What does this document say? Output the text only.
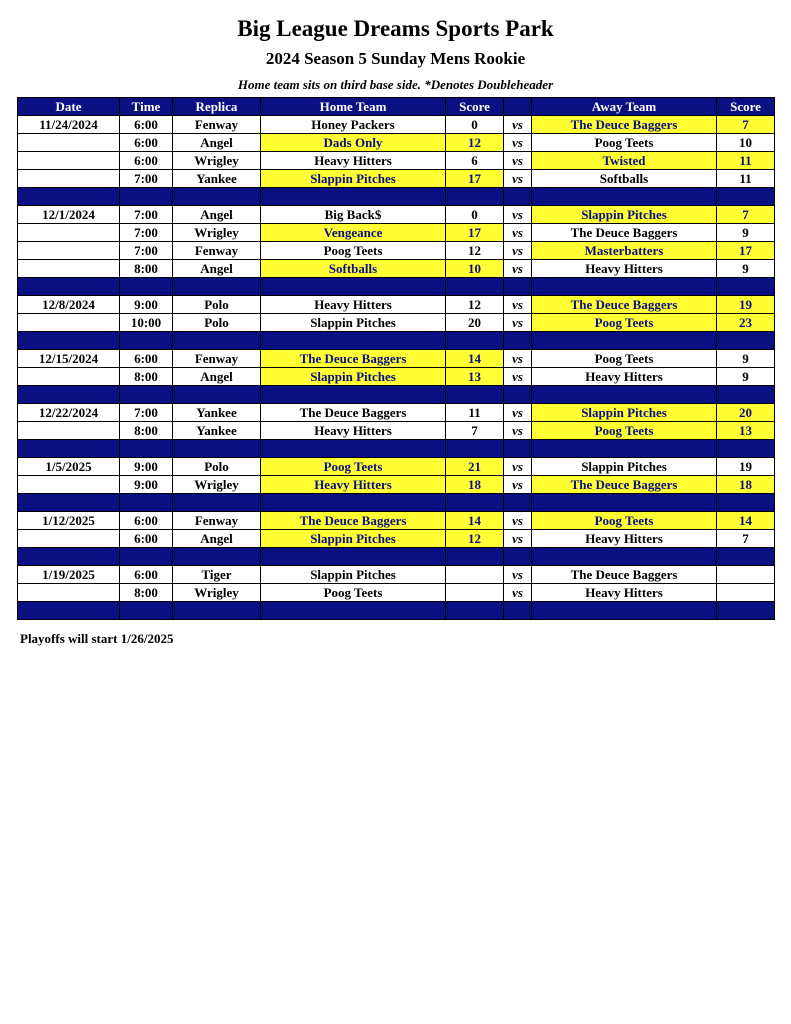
Big League Dreams Sports Park
2024 Season 5 Sunday Mens Rookie
Home team sits on third base side. *Denotes Doubleheader
Date	Time	Replica	Home Team	Score		Away Team	Score
11/24/2024	6:00	Fenway	Honey Packers	0	vs	The Deuce Baggers	7
	6:00	Angel	Dads Only	12	vs	Poog Teets	10
	6:00	Wrigley	Heavy Hitters	6	vs	Twisted	11
	7:00	Yankee	Slappin Pitches	17	vs	Softballs	11

12/1/2024	7:00	Angel	Big Back$	0	vs	Slappin Pitches	7
	7:00	Wrigley	Vengeance	17	vs	The Deuce Baggers	9
	7:00	Fenway	Poog Teets	12	vs	Masterbatters	17
	8:00	Angel	Softballs	10	vs	Heavy Hitters	9

12/8/2024	9:00	Polo	Heavy Hitters	12	vs	The Deuce Baggers	19
	10:00	Polo	Slappin Pitches	20	vs	Poog Teets	23

12/15/2024	6:00	Fenway	The Deuce Baggers	14	vs	Poog Teets	9
	8:00	Angel	Slappin Pitches	13	vs	Heavy Hitters	9

12/22/2024	7:00	Yankee	The Deuce Baggers	11	vs	Slappin Pitches	20
	8:00	Yankee	Heavy Hitters	7	vs	Poog Teets	13

1/5/2025	9:00	Polo	Poog Teets	21	vs	Slappin Pitches	19
	9:00	Wrigley	Heavy Hitters	18	vs	The Deuce Baggers	18

1/12/2025	6:00	Fenway	The Deuce Baggers	14	vs	Poog Teets	14
	6:00	Angel	Slappin Pitches	12	vs	Heavy Hitters	7

1/19/2025	6:00	Tiger	Slappin Pitches		vs	The Deuce Baggers	
	8:00	Wrigley	Poog Teets		vs	Heavy Hitters	

Playoffs will start 1/26/2025
